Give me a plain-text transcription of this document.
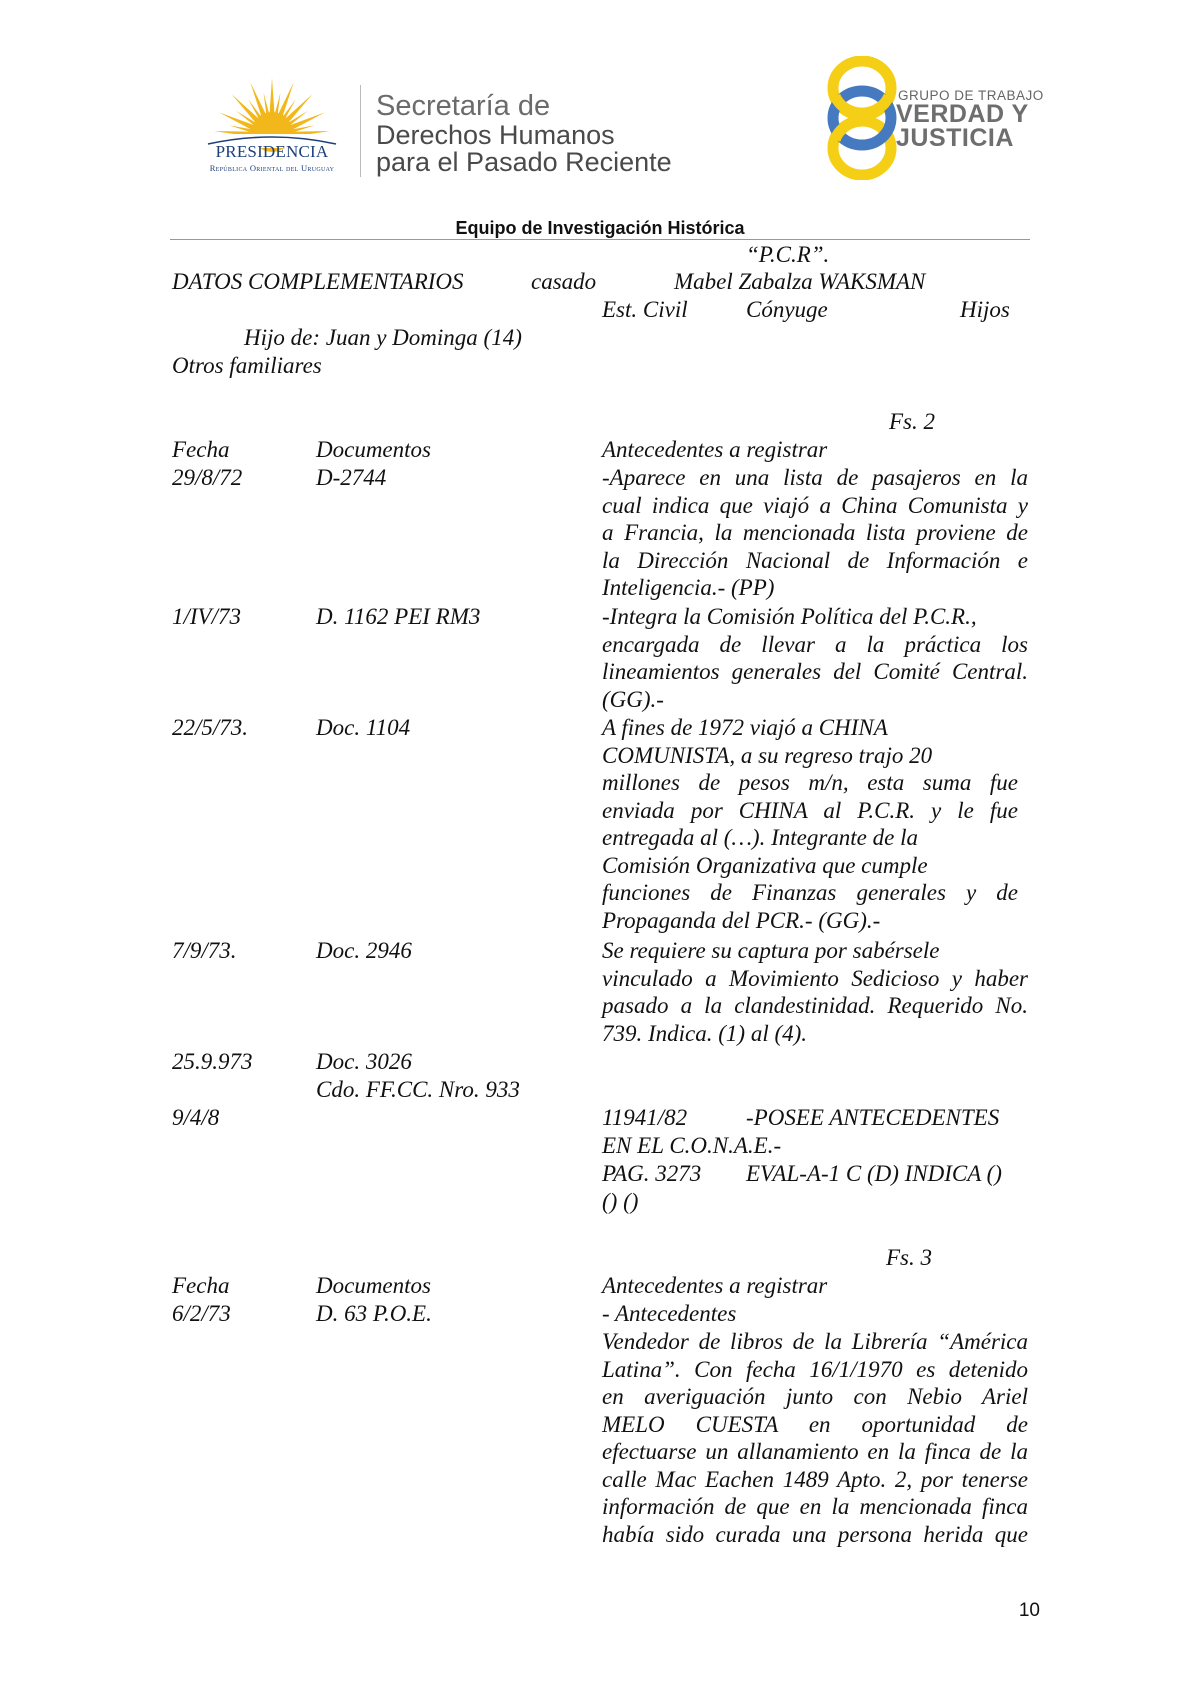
PRESIDENCIA
República Oriental del Uruguay
Secretaría de
Derechos Humanos
para el Pasado Reciente
GRUPO DE TRABAJO
VERDAD Y
JUSTICIA
Equipo de Investigación Histórica
“P.C.R”.
DATOS COMPLEMENTARIOS	casado	Mabel Zabalza WAKSMAN
Est. Civil	Cónyuge	Hijos
Hijo de: Juan y Dominga (14)
Otros familiares
Fs. 2
Fecha	Documentos	Antecedentes a registrar
29/8/72	D-2744	-Aparece en una lista de pasajeros en la
cual indica que viajó a China Comunista y
a Francia, la mencionada lista proviene de
la Dirección Nacional de Información e
Inteligencia.- (PP)
1/IV/73	D. 1162 PEI RM3	-Integra la Comisión Política del P.C.R.,
encargada de llevar a la práctica los
lineamientos generales del Comité Central.
(GG).-
22/5/73.	Doc. 1104	A fines de 1972 viajó a CHINA
COMUNISTA, a su regreso trajo 20
millones de pesos m/n, esta suma fue
enviada por CHINA al P.C.R. y le fue
entregada al (…). Integrante de la
Comisión Organizativa que cumple
funciones de Finanzas generales y de
Propaganda del PCR.- (GG).-
7/9/73.	Doc. 2946	Se requiere su captura por sabérsele
vinculado a Movimiento Sedicioso y haber
pasado a la clandestinidad. Requerido No.
739. Indica. (1) al (4).
25.9.973	Doc. 3026
Cdo. FF.CC. Nro. 933
9/4/8	11941/82	-POSEE ANTECEDENTES
EN EL C.O.N.A.E.-
PAG. 3273 EVAL-A-1 C (D) INDICA ()
() ()
Fs. 3
Fecha	Documentos	Antecedentes a registrar
6/2/73	D. 63 P.O.E.	- Antecedentes
Vendedor de libros de la Librería “América
Latina”. Con fecha 16/1/1970 es detenido
en averiguación junto con Nebio Ariel
MELO CUESTA en oportunidad de
efectuarse un allanamiento en la finca de la
calle Mac Eachen 1489 Apto. 2, por tenerse
información de que en la mencionada finca
había sido curada una persona herida que
10
